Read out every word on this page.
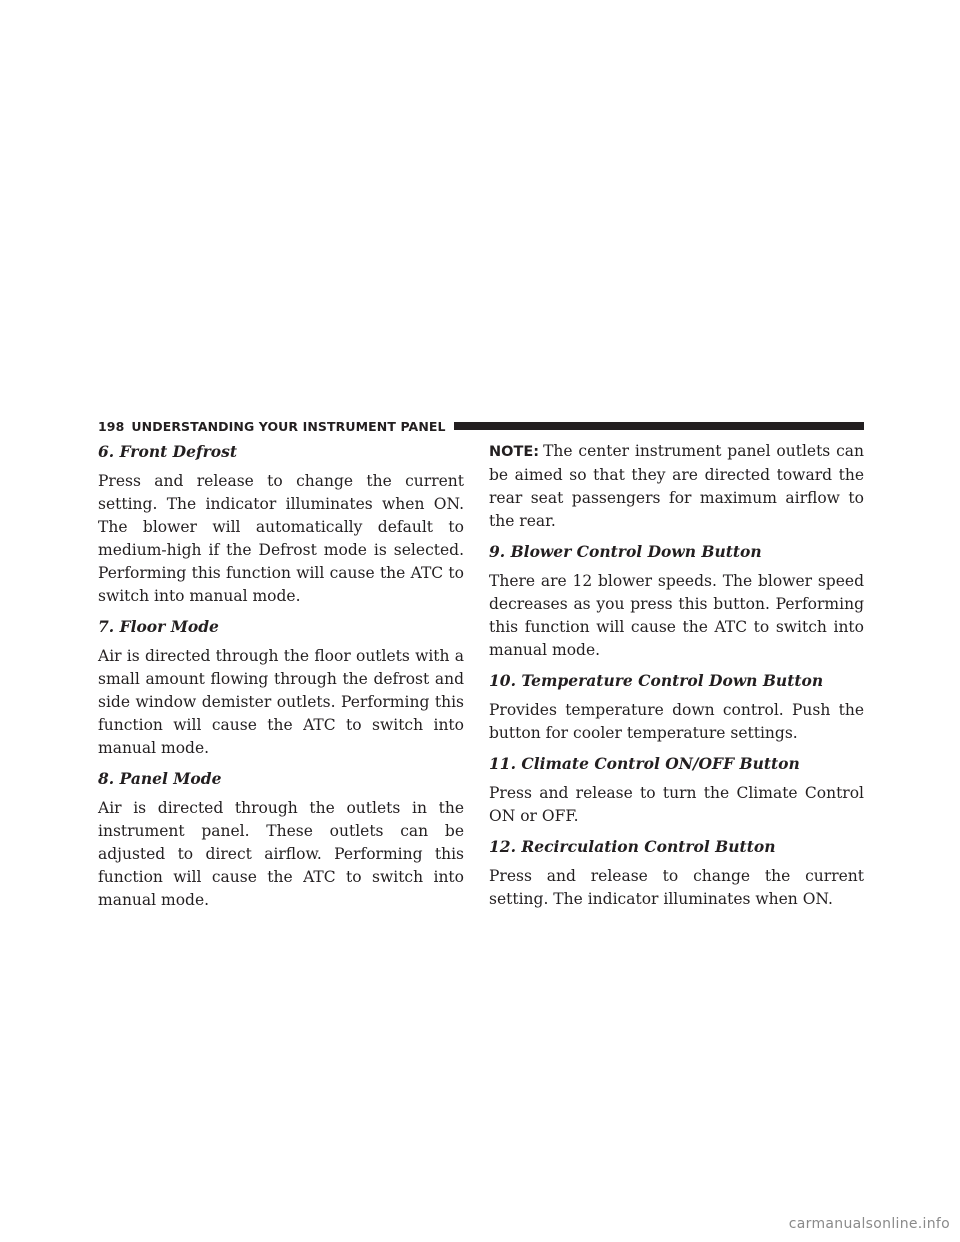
198 UNDERSTANDING YOUR INSTRUMENT PANEL
6. Front Defrost

Press and release to change the current setting. The indicator illuminates when ON. The blower will automatically default to medium-high if the Defrost mode is selected. Performing this function will cause the ATC to switch into manual mode.

7. Floor Mode

Air is directed through the floor outlets with a small amount flowing through the defrost and side window demister outlets. Performing this function will cause the ATC to switch into manual mode.

8. Panel Mode

Air is directed through the outlets in the instrument panel. These outlets can be adjusted to direct airflow. Performing this function will cause the ATC to switch into manual mode.

NOTE: The center instrument panel outlets can be aimed so that they are directed toward the rear seat passengers for maximum airflow to the rear.

9. Blower Control Down Button

There are 12 blower speeds. The blower speed decreases as you press this button. Performing this function will cause the ATC to switch into manual mode.

10. Temperature Control Down Button

Provides temperature down control. Push the button for cooler temperature settings.

11. Climate Control ON/OFF Button

Press and release to turn the Climate Control ON or OFF.

12. Recirculation Control Button

Press and release to change the current setting. The indicator illuminates when ON.

carmanualsonline.info
